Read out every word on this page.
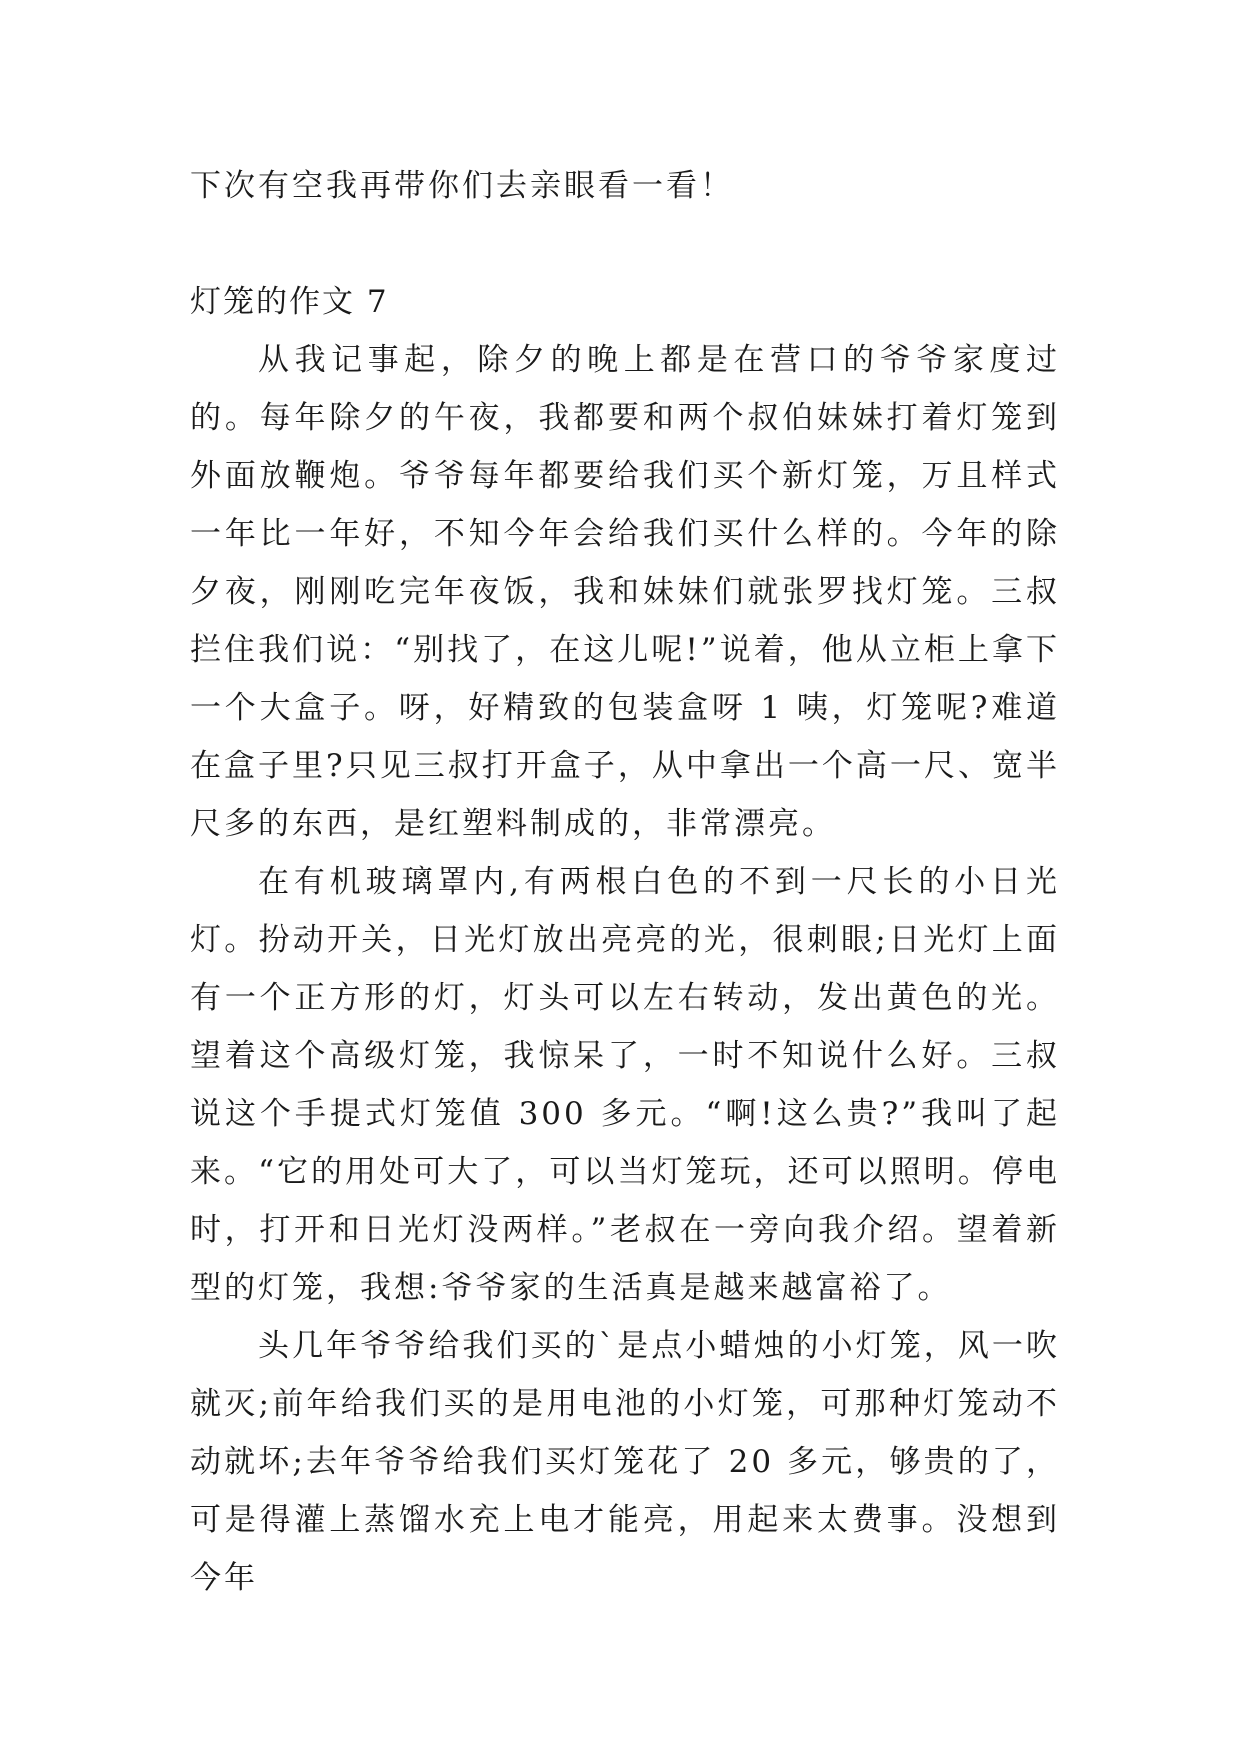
下次有空我再带你们去亲眼看一看！

灯笼的作文 7

从我记事起，除夕的晚上都是在营口的爷爷家度过的。每年除夕的午夜，我都要和两个叔伯妹妹打着灯笼到外面放鞭炮。爷爷每年都要给我们买个新灯笼，万且样式一年比一年好，不知今年会给我们买什么样的。今年的除夕夜，刚刚吃完年夜饭，我和妹妹们就张罗找灯笼。三叔拦住我们说：“别找了，在这儿呢!”说着，他从立柜上拿下一个大盒子。呀，好精致的包装盒呀 1 咦，灯笼呢?难道在盒子里?只见三叔打开盒子，从中拿出一个高一尺、宽半尺多的东西，是红塑料制成的，非常漂亮。

在有机玻璃罩内,有两根白色的不到一尺长的小日光灯。扮动开关，日光灯放出亮亮的光，很刺眼;日光灯上面有一个正方形的灯，灯头可以左右转动，发出黄色的光。望着这个高级灯笼，我惊呆了，一时不知说什么好。三叔说这个手提式灯笼值 300 多元。“啊!这么贵?”我叫了起来。“它的用处可大了，可以当灯笼玩，还可以照明。停电时，打开和日光灯没两样。”老叔在一旁向我介绍。望着新型的灯笼，我想:爷爷家的生活真是越来越富裕了。

头几年爷爷给我们买的`是点小蜡烛的小灯笼，风一吹就灭;前年给我们买的是用电池的小灯笼，可那种灯笼动不动就坏;去年爷爷给我们买灯笼花了 20 多元，够贵的了，可是得灌上蒸馏水充上电才能亮，用起来太费事。没想到今年
